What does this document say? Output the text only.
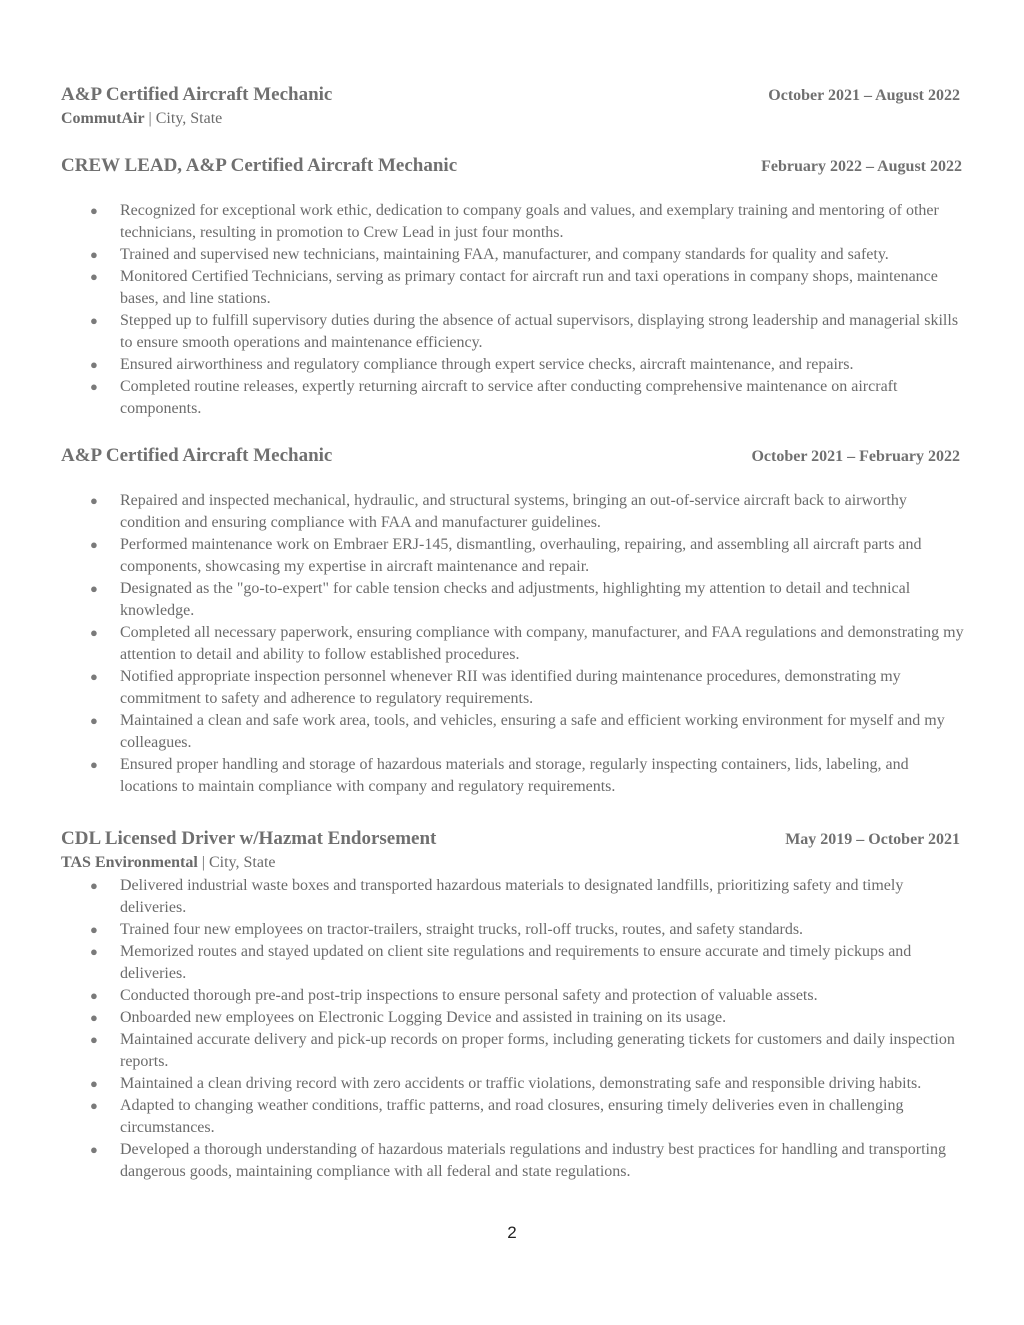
A&P Certified Aircraft Mechanic	October 2021 – August 2022
CommutAir | City, State
CREW LEAD, A&P Certified Aircraft Mechanic	February 2022 – August 2022
● Recognized for exceptional work ethic, dedication to company goals and values, and exemplary training and mentoring of other technicians, resulting in promotion to Crew Lead in just four months.
● Trained and supervised new technicians, maintaining FAA, manufacturer, and company standards for quality and safety.
● Monitored Certified Technicians, serving as primary contact for aircraft run and taxi operations in company shops, maintenance bases, and line stations.
● Stepped up to fulfill supervisory duties during the absence of actual supervisors, displaying strong leadership and managerial skills to ensure smooth operations and maintenance efficiency.
● Ensured airworthiness and regulatory compliance through expert service checks, aircraft maintenance, and repairs.
● Completed routine releases, expertly returning aircraft to service after conducting comprehensive maintenance on aircraft components.
A&P Certified Aircraft Mechanic	October 2021 – February 2022
● Repaired and inspected mechanical, hydraulic, and structural systems, bringing an out-of-service aircraft back to airworthy condition and ensuring compliance with FAA and manufacturer guidelines.
● Performed maintenance work on Embraer ERJ-145, dismantling, overhauling, repairing, and assembling all aircraft parts and components, showcasing my expertise in aircraft maintenance and repair.
● Designated as the "go-to-expert" for cable tension checks and adjustments, highlighting my attention to detail and technical knowledge.
● Completed all necessary paperwork, ensuring compliance with company, manufacturer, and FAA regulations and demonstrating my attention to detail and ability to follow established procedures.
● Notified appropriate inspection personnel whenever RII was identified during maintenance procedures, demonstrating my commitment to safety and adherence to regulatory requirements.
● Maintained a clean and safe work area, tools, and vehicles, ensuring a safe and efficient working environment for myself and my colleagues.
● Ensured proper handling and storage of hazardous materials and storage, regularly inspecting containers, lids, labeling, and locations to maintain compliance with company and regulatory requirements.
CDL Licensed Driver w/Hazmat Endorsement	May 2019 – October 2021
TAS Environmental | City, State
● Delivered industrial waste boxes and transported hazardous materials to designated landfills, prioritizing safety and timely deliveries.
● Trained four new employees on tractor-trailers, straight trucks, roll-off trucks, routes, and safety standards.
● Memorized routes and stayed updated on client site regulations and requirements to ensure accurate and timely pickups and deliveries.
● Conducted thorough pre-and post-trip inspections to ensure personal safety and protection of valuable assets.
● Onboarded new employees on Electronic Logging Device and assisted in training on its usage.
● Maintained accurate delivery and pick-up records on proper forms, including generating tickets for customers and daily inspection reports.
● Maintained a clean driving record with zero accidents or traffic violations, demonstrating safe and responsible driving habits.
● Adapted to changing weather conditions, traffic patterns, and road closures, ensuring timely deliveries even in challenging circumstances.
● Developed a thorough understanding of hazardous materials regulations and industry best practices for handling and transporting dangerous goods, maintaining compliance with all federal and state regulations.
2
